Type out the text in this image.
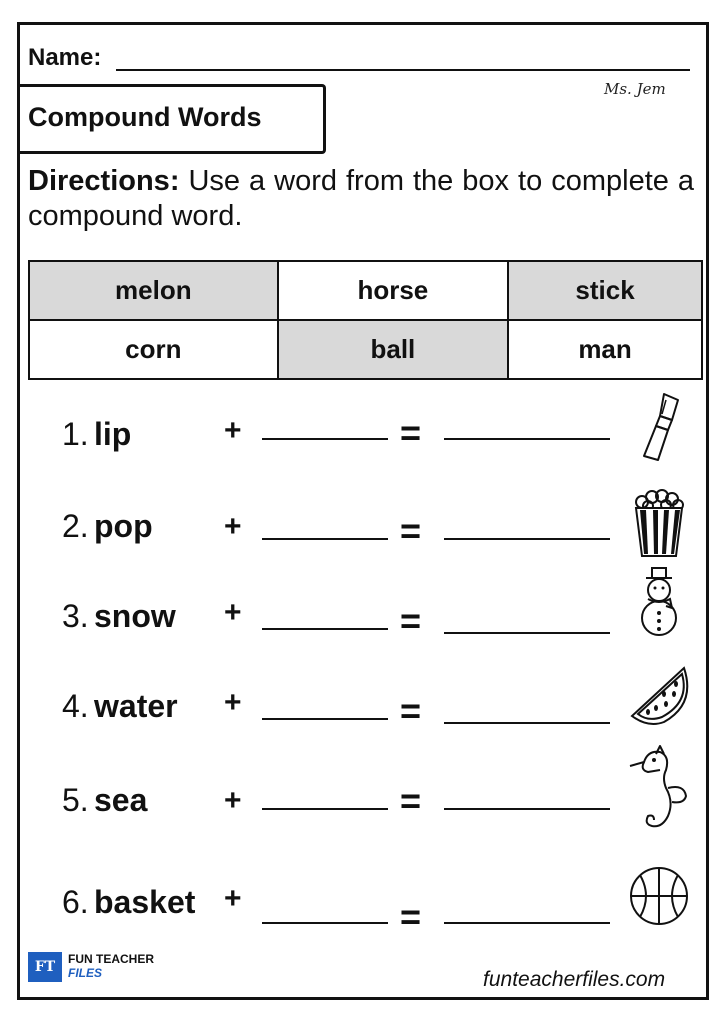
Name:
Ms. Jem
Compound Words
Directions: Use a word from the box to complete a compound word.
melon	horse	stick
corn	ball	man
1. lip	+	=
2. pop +	=
3. snow +	=
4. water +	=
5. sea	+	=
6. basket +	=
FT	FUN TEACHER
FILES	funteacherfiles.com
